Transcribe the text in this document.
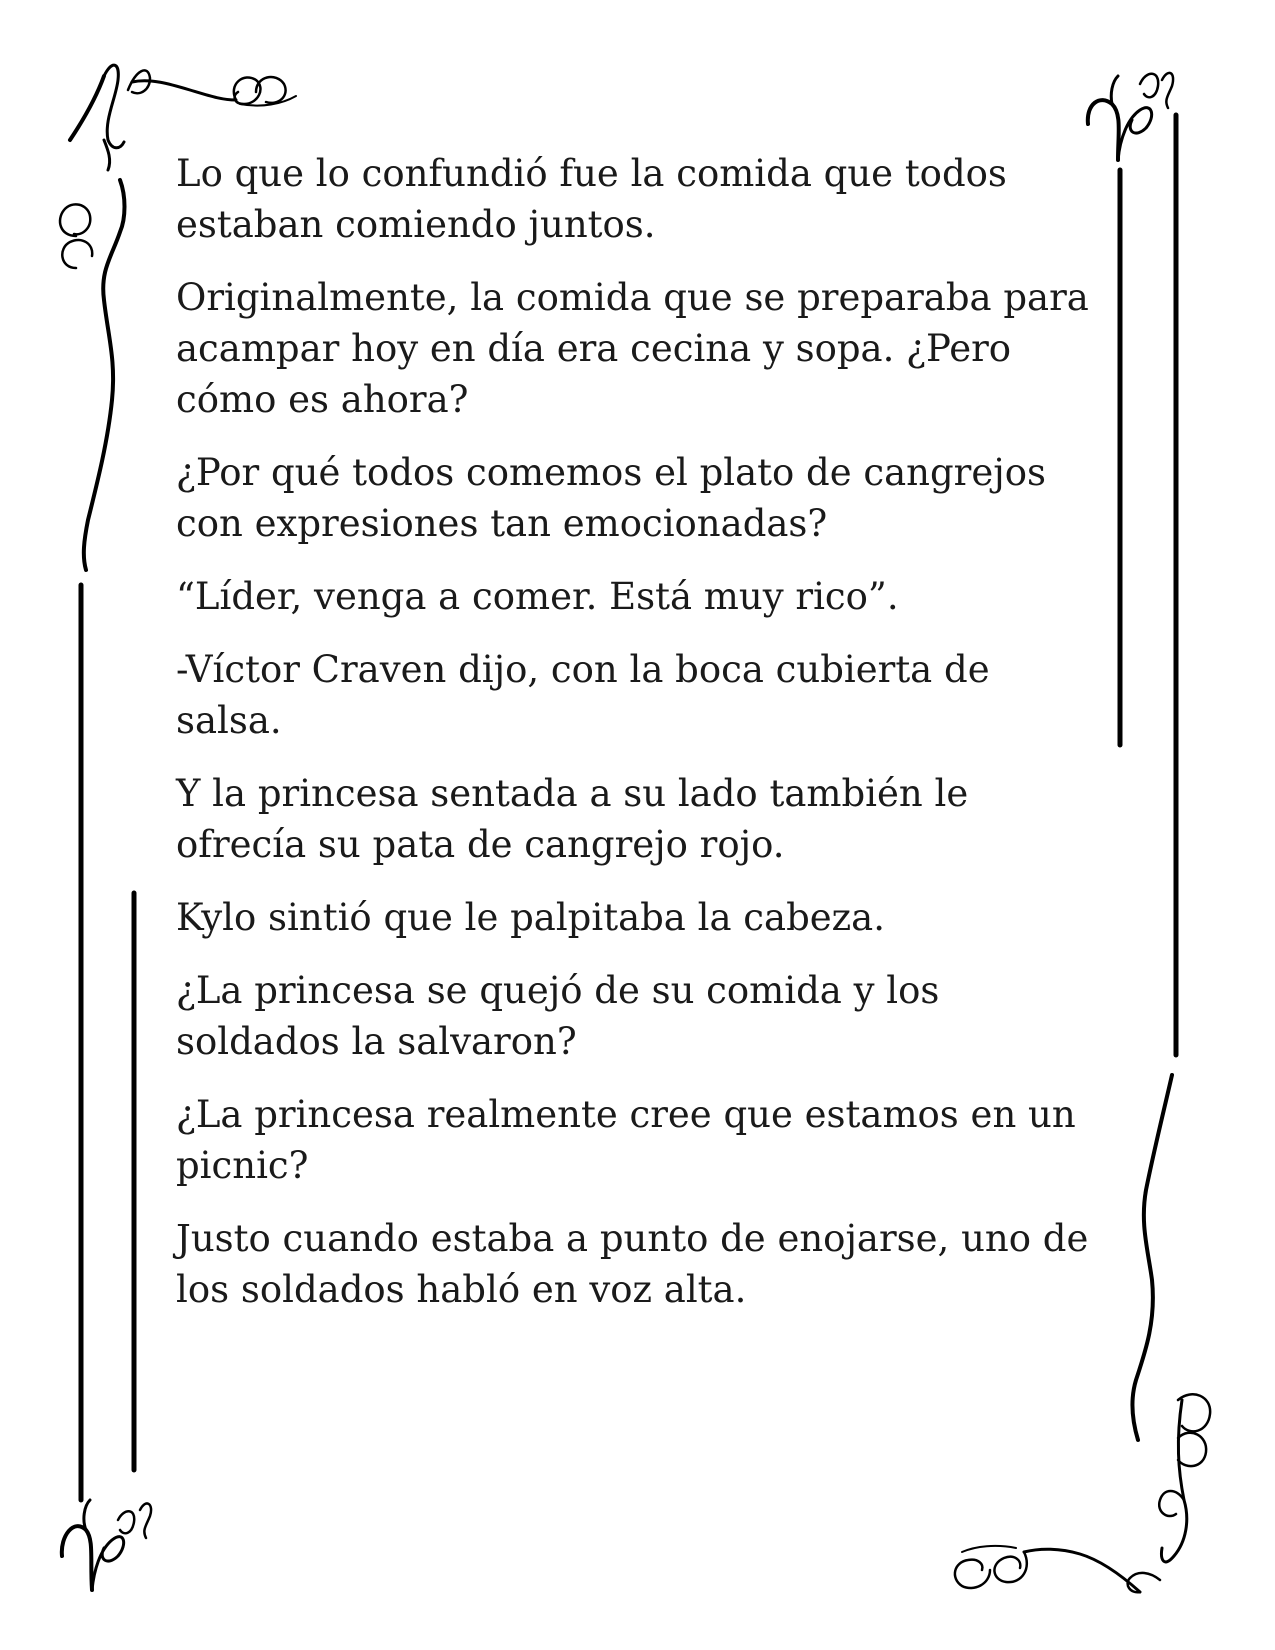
Lo que lo confundió fue la comida que todos estaban comiendo juntos.

Originalmente, la comida que se preparaba para acampar hoy en día era cecina y sopa. ¿Pero cómo es ahora?

¿Por qué todos comemos el plato de cangrejos con expresiones tan emocionadas?

“Líder, venga a comer. Está muy rico”.

-Víctor Craven dijo, con la boca cubierta de salsa.

Y la princesa sentada a su lado también le ofrecía su pata de cangrejo rojo.

Kylo sintió que le palpitaba la cabeza.

¿La princesa se quejó de su comida y los soldados la salvaron?

¿La princesa realmente cree que estamos en un picnic?

Justo cuando estaba a punto de enojarse, uno de los soldados habló en voz alta.
